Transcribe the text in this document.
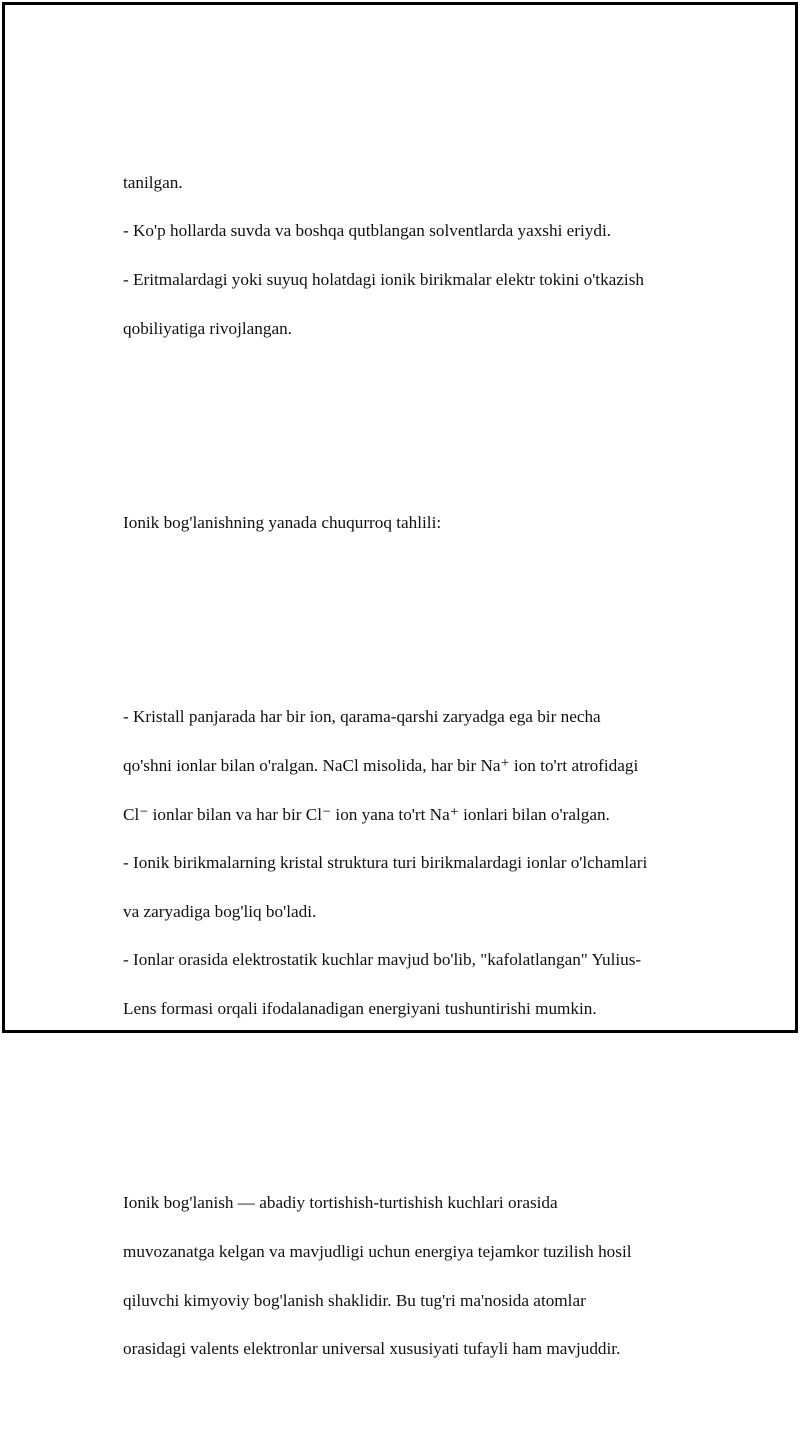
tanilgan.

- Ko'p hollarda suvda va boshqa qutblangan solventlarda yaxshi eriydi.

- Eritmalardagi yoki suyuq holatdagi ionik birikmalar elektr tokini o'tkazish

qobiliyatiga rivojlangan.

Ionik bog'lanishning yanada chuqurroq tahlili:

- Kristall panjarada har bir ion, qarama-qarshi zaryadga ega bir necha

qo'shni ionlar bilan o'ralgan. NaCl misolida, har bir Na⁺ ion to'rt atrofidagi

Cl⁻ ionlar bilan va har bir Cl⁻ ion yana to'rt Na⁺ ionlari bilan o'ralgan.

- Ionik birikmalarning kristal struktura turi birikmalardagi ionlar o'lchamlari

va zaryadiga bog'liq bo'ladi.

- Ionlar orasida elektrostatik kuchlar mavjud bo'lib, "kafolatlangan" Yulius-

Lens formasi orqali ifodalanadigan energiyani tushuntirishi mumkin.

Ionik bog'lanish — abadiy tortishish-turtishish kuchlari orasida

muvozanatga kelgan va mavjudligi uchun energiya tejamkor tuzilish hosil

qiluvchi kimyoviy bog'lanish shaklidir. Bu tug'ri ma'nosida atomlar

orasidagi valents elektronlar universal xususiyati tufayli ham mavjuddir.
